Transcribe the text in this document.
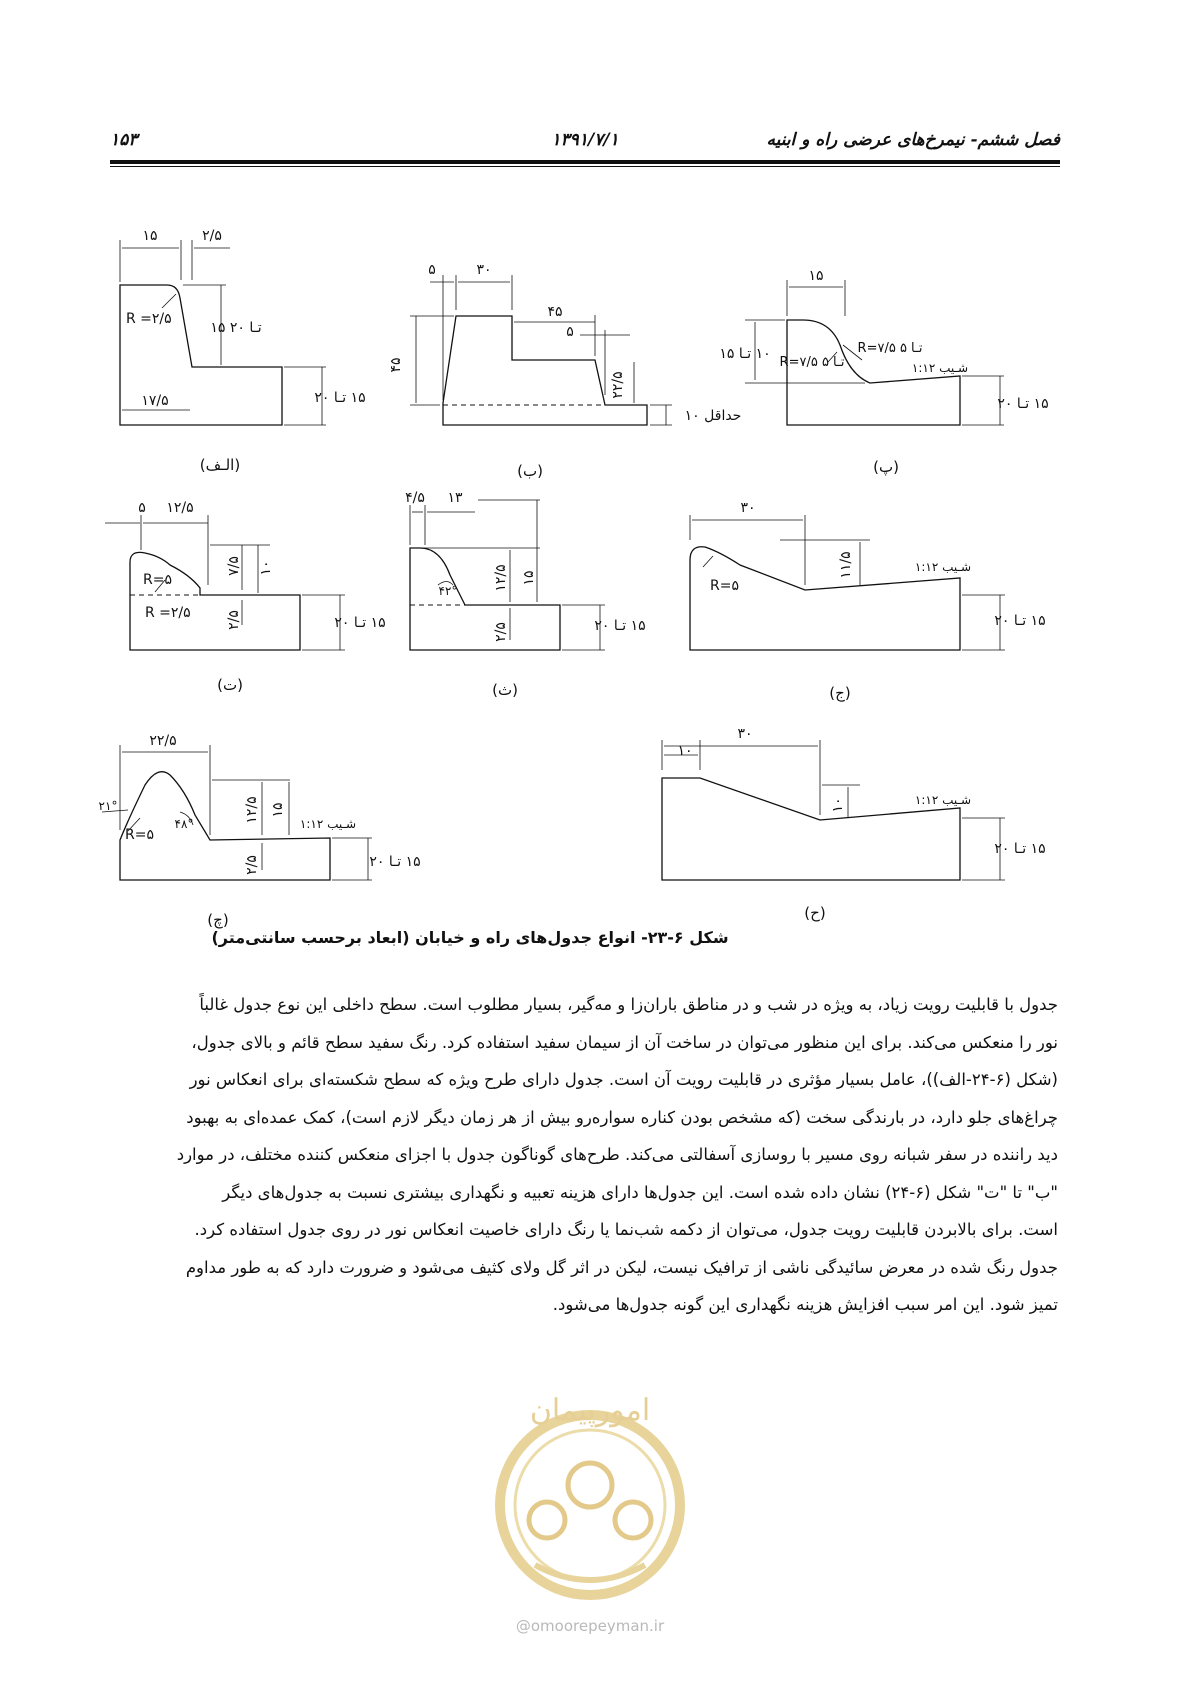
فصل ششم- نیمرخ‌های عرضی راه و ابنیه
۱۳۹۱/۷/۱
۱۵۳
۱۵	۲/۵
R =۲/۵
۱۵ تـا ۲۰
۱۵ تـا ۲۰
۱۷/۵
(الـف)
۵	۳۰
۴۵
۵
۴۵
۲۲/۵
حداقل ۱۰
(ب)
۱۵
R=۷/۵ تـا ۵
R=۷/۵ تـا ۵
۱۰ تـا ۱۵
شـیب ۱:۱۲
۱۵ تـا ۲۰
(پ)
۵ ۱۲/۵
R=۵
R =۲/۵
۷/۵ ۱۰
۲/۵	۱۵ تـا ۲۰
(ت)
۴/۵ ۱۳
۴۲°	۱۲/۵ ۱۵
۲/۵	۱۵ تـا ۲۰
(ث)
۳۰
R=۵
۱۱/۵	شـیب ۱:۱۲
۱۵ تـا ۲۰
(ج)
۲۲/۵
۲۱°
R=۵
۴۸°
۱۲/۵ ۱۵
۲/۵
شـیب ۱:۱۲
۱۵ تـا ۲۰
(چ)
۱۰
۳۰
۱۰	شـیب ۱:۱۲
۱۵ تـا ۲۰
(ح)
شکل ۶-۲۳- انواع جدول‌های راه و خیابان (ابعاد برحسب سانتی‌متر)
جدول با قابلیت رویت زیاد، به ویژه در شب و در مناطق باران‌زا و مه‌گیر، بسیار مطلوب است. سطح داخلی این نوع جدول غالباً
نور را منعکس می‌کند. برای این منظور می‌توان در ساخت آن از سیمان سفید استفاده کرد. رنگ سفید سطح قائم و بالای جدول،
(شکل (۶-۲۴-الف))، عامل بسیار مؤثری در قابلیت رویت آن است. جدول دارای طرح ویژه که سطح شکسته‌ای برای انعکاس نور
چراغ‌های جلو دارد، در بارندگی سخت (که مشخص بودن کناره سواره‌رو بیش از هر زمان دیگر لازم است)، کمک عمده‌ای به بهبود
دید راننده در سفر شبانه روی مسیر با روسازی آسفالتی می‌کند. طرح‌های گوناگون جدول با اجزای منعکس کننده مختلف، در موارد
"ب" تا "ت" شکل (۶-۲۴) نشان داده شده است. این جدول‌ها دارای هزینه تعبیه و نگهداری بیشتری نسبت به جدول‌های دیگر
است. برای بالابردن قابلیت رویت جدول، می‌توان از دکمه شب‌نما یا رنگ دارای خاصیت انعکاس نور در روی جدول استفاده کرد.
جدول رنگ شده در معرض سائیدگی ناشی از ترافیک نیست، لیکن در اثر گل ولای کثیف می‌شود و ضرورت دارد که به طور مداوم
تمیز شود. این امر سبب افزایش هزینه نگهداری این گونه جدول‌ها می‌شود.
امورپیمان
@omoorepeyman.ir
